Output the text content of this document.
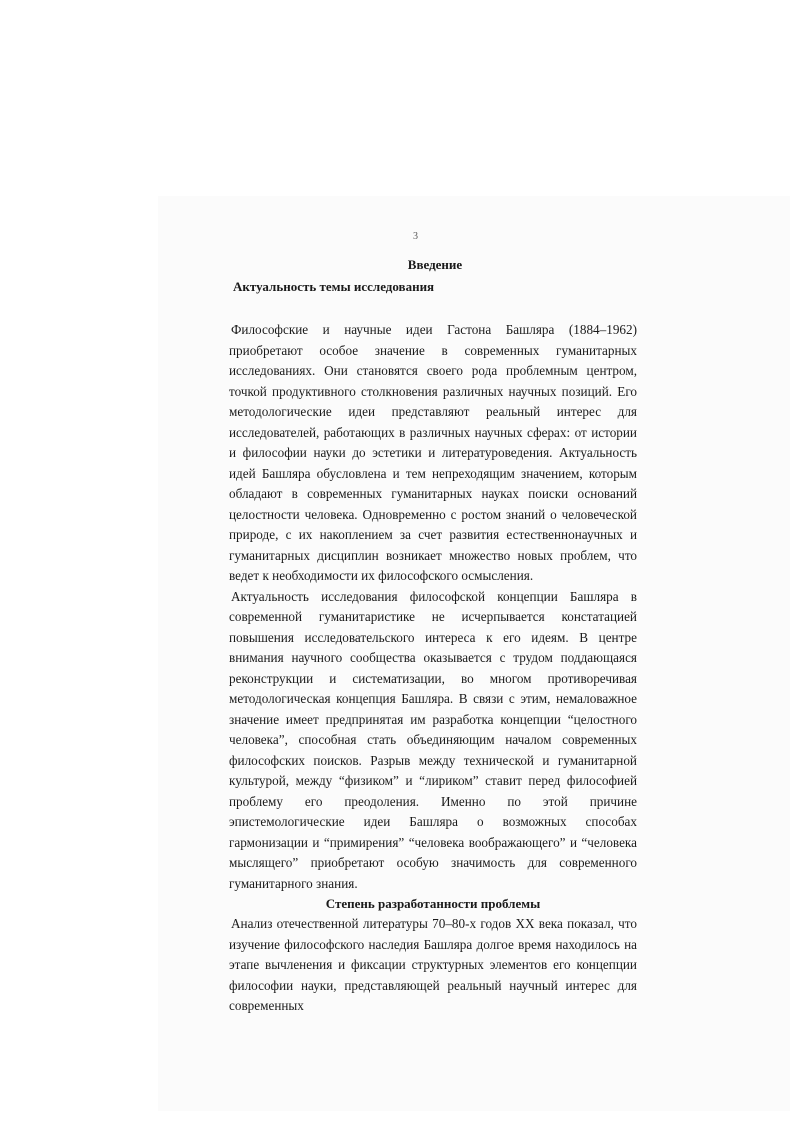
3
Введение
Актуальность темы исследования

Философские и научные идеи Гастона Башляра (1884–1962) приобретают особое значение в современных гуманитарных исследованиях. Они становятся своего рода проблемным центром, точкой продуктивного столкновения различных научных позиций. Его методологические идеи представляют реальный интерес для исследователей, работающих в различных научных сферах: от истории и философии науки до эстетики и литературоведения. Актуальность идей Башляра обусловлена и тем непреходящим значением, которым обладают в современных гуманитарных науках поиски оснований целостности человека. Одновременно с ростом знаний о человеческой природе, с их накоплением за счет развития естественнонаучных и гуманитарных дисциплин возникает множество новых проблем, что ведет к необходимости их философского осмысления.

Актуальность исследования философской концепции Башляра в современной гуманитаристике не исчерпывается констатацией повышения исследовательского интереса к его идеям. В центре внимания научного сообщества оказывается с трудом поддающаяся реконструкции и систематизации, во многом противоречивая методологическая концепция Башляра. В связи с этим, немаловажное значение имеет предпринятая им разработка концепции “целостного человека”, способная стать объединяющим началом современных философских поисков. Разрыв между технической и гуманитарной культурой, между “физиком” и “лириком” ставит перед философией проблему его преодоления. Именно по этой причине эпистемологические идеи Башляра о возможных способах гармонизации и “примирения” “человека воображающего” и “человека мыслящего” приобретают особую значимость для современного гуманитарного знания.

Степень разработанности проблемы

Анализ отечественной литературы 70–80-х годов XX века показал, что изучение философского наследия Башляра долгое время находилось на этапе вычленения и фиксации структурных элементов его концепции философии науки, представляющей реальный научный интерес для современных
